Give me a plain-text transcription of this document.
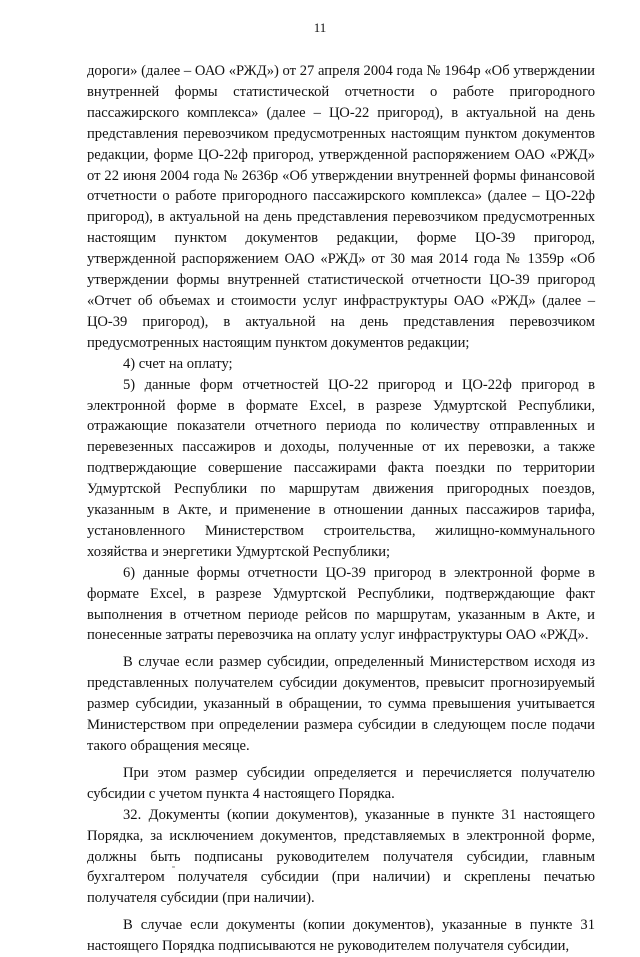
11

дороги» (далее – ОАО «РЖД») от 27 апреля 2004 года № 1964р «Об утверждении внутренней формы статистической отчетности о работе пригородного пассажирского комплекса» (далее – ЦО-22 пригород), в актуальной на день представления перевозчиком предусмотренных настоящим пунктом документов редакции, форме ЦО-22ф пригород, утвержденной распоряжением ОАО «РЖД» от 22 июня 2004 года № 2636р «Об утверждении внутренней формы финансовой отчетности о работе пригородного пассажирского комплекса» (далее – ЦО-22ф пригород), в актуальной на день представления перевозчиком предусмотренных настоящим пунктом документов редакции, форме ЦО-39 пригород, утвержденной распоряжением ОАО «РЖД» от 30 мая 2014 года № 1359р «Об утверждении формы внутренней статистической отчетности ЦО-39 пригород «Отчет об объемах и стоимости услуг инфраструктуры ОАО «РЖД» (далее – ЦО-39 пригород), в актуальной на день представления перевозчиком предусмотренных настоящим пунктом документов редакции;

4) счет на оплату;

5) данные форм отчетностей ЦО-22 пригород и ЦО-22ф пригород в электронной форме в формате Excel, в разрезе Удмуртской Республики, отражающие показатели отчетного периода по количеству отправленных и перевезенных пассажиров и доходы, полученные от их перевозки, а также подтверждающие совершение пассажирами факта поездки по территории Удмуртской Республики по маршрутам движения пригородных поездов, указанным в Акте, и применение в отношении данных пассажиров тарифа, установленного Министерством строительства, жилищно-коммунального хозяйства и энергетики Удмуртской Республики;

6) данные формы отчетности ЦО-39 пригород в электронной форме в формате Excel, в разрезе Удмуртской Республики, подтверждающие факт выполнения в отчетном периоде рейсов по маршрутам, указанным в Акте, и понесенные затраты перевозчика на оплату услуг инфраструктуры ОАО «РЖД».

В случае если размер субсидии, определенный Министерством исходя из представленных получателем субсидии документов, превысит прогнозируемый размер субсидии, указанный в обращении, то сумма превышения учитывается Министерством при определении размера субсидии в следующем после подачи такого обращения месяце.

При этом размер субсидии определяется и перечисляется получателю субсидии с учетом пункта 4 настоящего Порядка.

32. Документы (копии документов), указанные в пункте 31 настоящего Порядка, за исключением документов, представляемых в электронной форме, должны быть подписаны руководителем получателя субсидии, главным бухгалтером получателя субсидии (при наличии) и скреплены печатью получателя субсидии (при наличии).

В случае если документы (копии документов), указанные в пункте 31 настоящего Порядка подписываются не руководителем получателя субсидии,
